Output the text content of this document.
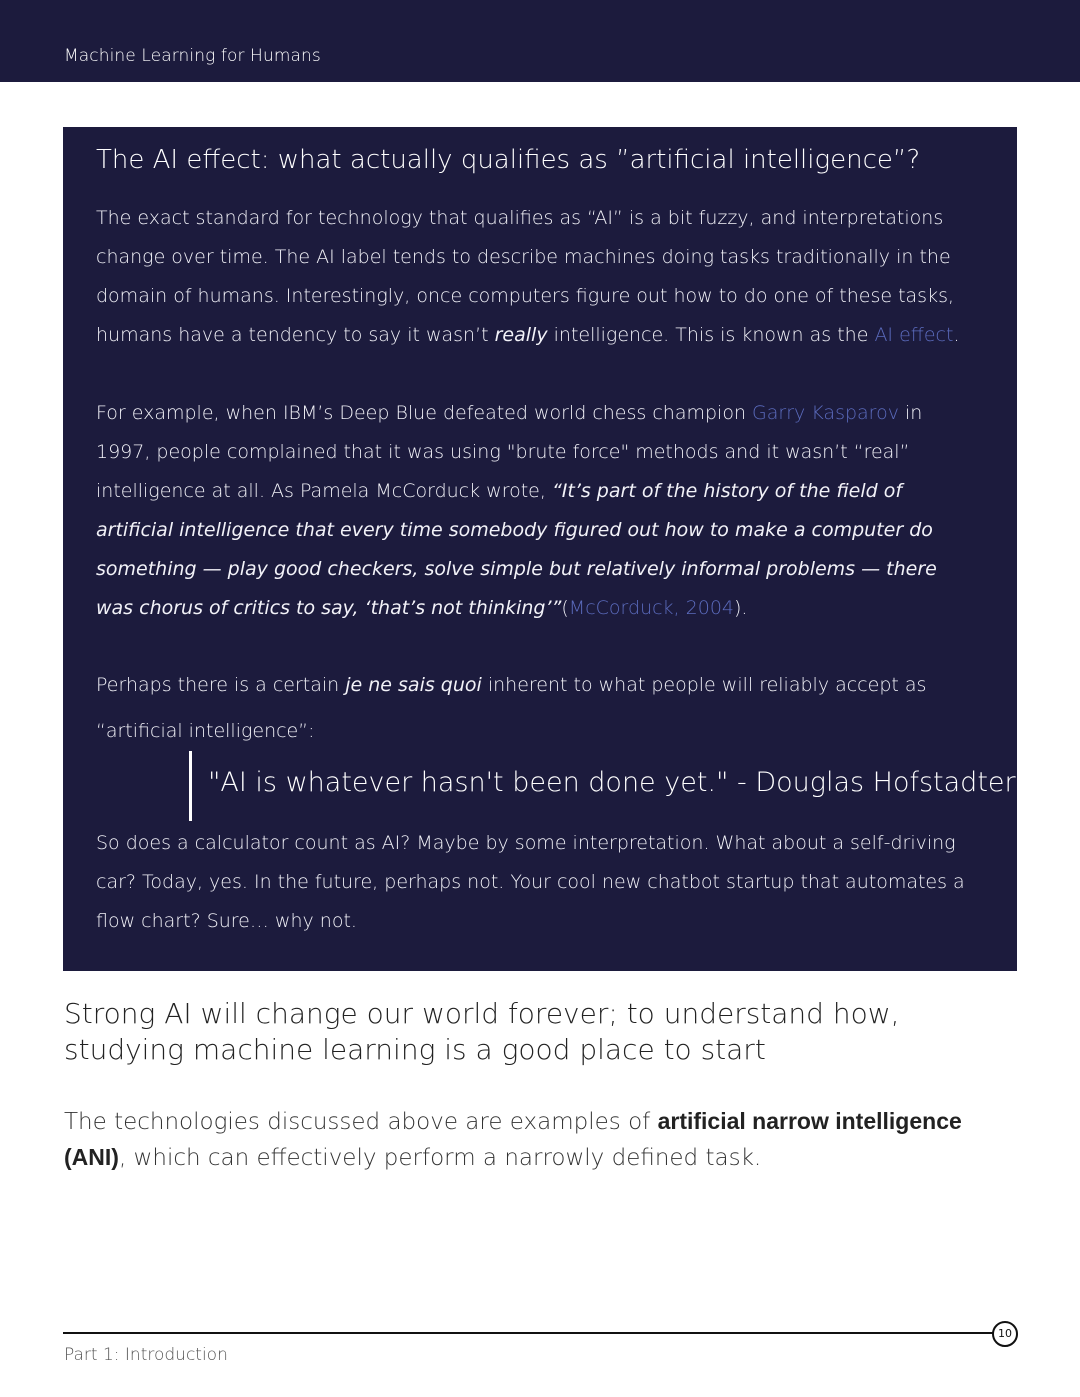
Machine Learning for Humans
The AI effect: what actually qualifies as ”artificial intelligence”?
The exact standard for technology that qualifies as “AI” is a bit fuzzy, and interpretations change over time. The AI label tends to describe machines doing tasks traditionally in the domain of humans. Interestingly, once computers figure out how to do one of these tasks, humans have a tendency to say it wasn’t really intelligence. This is known as the AI effect.
For example, when IBM’s Deep Blue defeated world chess champion Garry Kasparov in 1997, people complained that it was using "brute force" methods and it wasn’t “real” intelligence at all. As Pamela McCorduck wrote, “It’s part of the history of the field of artificial intelligence that every time somebody figured out how to make a computer do something — play good checkers, solve simple but relatively informal problems — there was chorus of critics to say, ‘that’s not thinking’”(McCorduck, 2004).
Perhaps there is a certain je ne sais quoi inherent to what people will reliably accept as “artificial intelligence”:
"AI is whatever hasn't been done yet." - Douglas Hofstadter
So does a calculator count as AI? Maybe by some interpretation. What about a self-driving car? Today, yes. In the future, perhaps not. Your cool new chatbot startup that automates a flow chart? Sure… why not.
Strong AI will change our world forever; to understand how, studying machine learning is a good place to start
The technologies discussed above are examples of artificial narrow intelligence (ANI), which can effectively perform a narrowly defined task.
10
Part 1: Introduction
